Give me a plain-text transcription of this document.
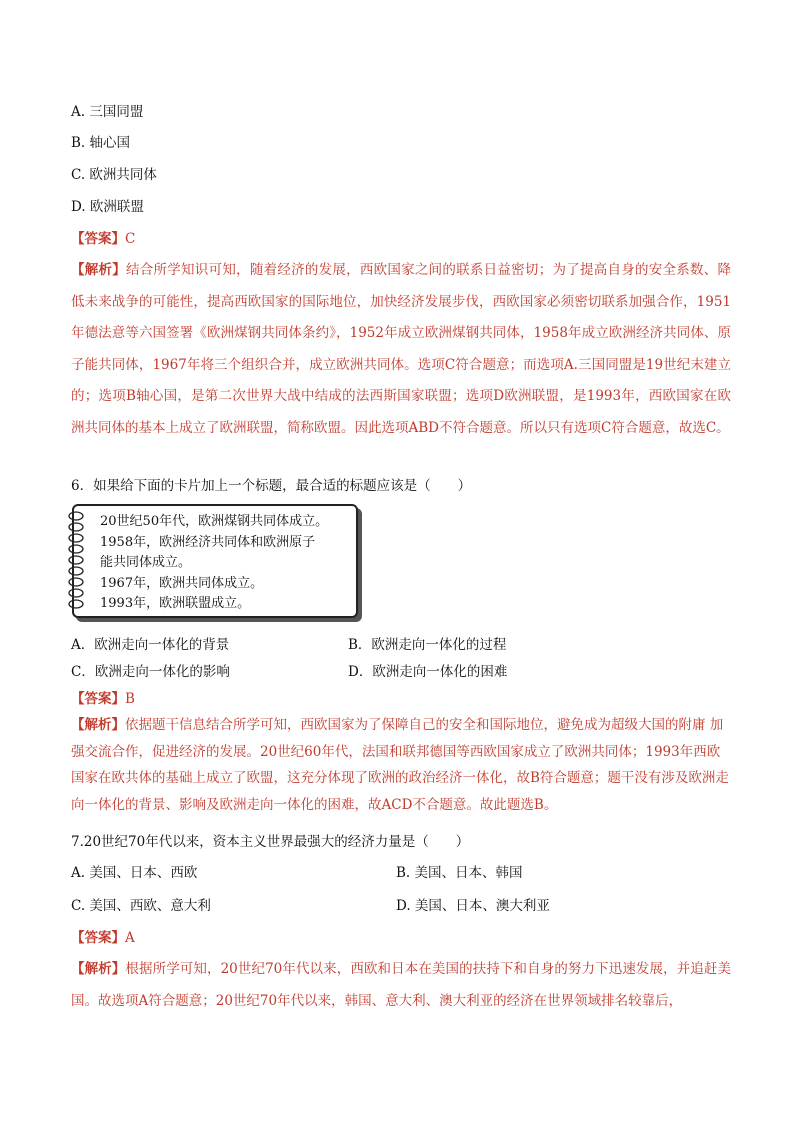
A. 三国同盟
B. 轴心国
C. 欧洲共同体
D. 欧洲联盟
【答案】C
【解析】结合所学知识可知，随着经济的发展，西欧国家之间的联系日益密切；为了提高自身的安全系数、降低未来战争的可能性，提高西欧国家的国际地位，加快经济发展步伐，西欧国家必须密切联系加强合作，1951年德法意等六国签署《欧洲煤钢共同体条约》，1952年成立欧洲煤钢共同体，1958年成立欧洲经济共同体、原子能共同体，1967年将三个组织合并，成立欧洲共同体。选项C符合题意；而选项A.三国同盟是19世纪末建立的；选项B轴心国，是第二次世界大战中结成的法西斯国家联盟；选项D欧洲联盟，是1993年，西欧国家在欧洲共同体的基本上成立了欧洲联盟，简称欧盟。因此选项ABD不符合题意。所以只有选项C符合题意，故选C。
6．如果给下面的卡片加上一个标题，最合适的标题应该是（　　）
20世纪50年代，欧洲煤钢共同体成立。
1958年，欧洲经济共同体和欧洲原子
能共同体成立。
1967年，欧洲共同体成立。
1993年，欧洲联盟成立。
A．欧洲走向一体化的背景	B．欧洲走向一体化的过程
C．欧洲走向一体化的影响	D．欧洲走向一体化的困难
【答案】B
【解析】依据题干信息结合所学可知，西欧国家为了保障自己的安全和国际地位，避免成为超级大国的附庸 加强交流合作，促进经济的发展。20世纪60年代，法国和联邦德国等西欧国家成立了欧洲共同体；1993年西欧国家在欧共体的基础上成立了欧盟，这充分体现了欧洲的政治经济一体化，故B符合题意；题干没有涉及欧洲走向一体化的背景、影响及欧洲走向一体化的困难，故ACD不合题意。故此题选B。
7.20世纪70年代以来，资本主义世界最强大的经济力量是（　　）
A. 美国、日本、西欧	B. 美国、日本、韩国
C. 美国、西欧、意大利	D. 美国、日本、澳大利亚
【答案】A
【解析】根据所学可知，20世纪70年代以来，西欧和日本在美国的扶持下和自身的努力下迅速发展，并追赶美国。故选项A符合题意；20世纪70年代以来，韩国、意大利、澳大利亚的经济在世界领域排名较靠后，
